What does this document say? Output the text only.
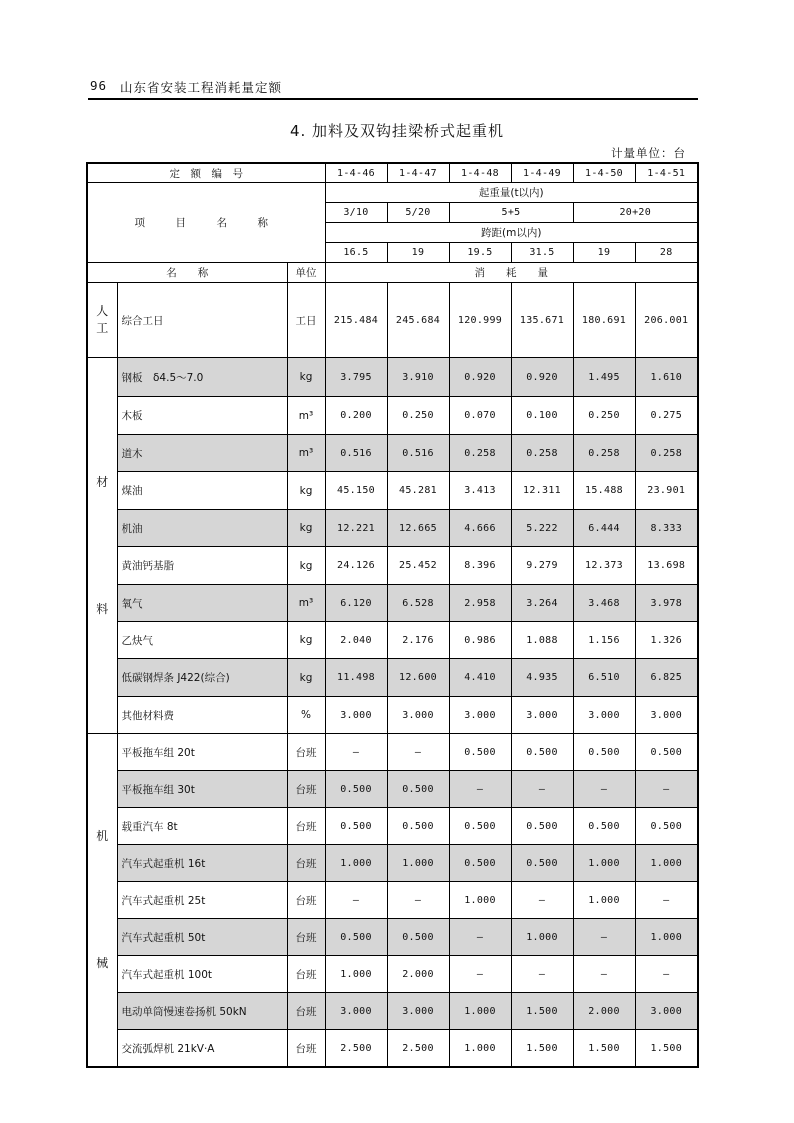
96 山东省安装工程消耗量定额
4. 加料及双钩挂梁桥式起重机
计量单位：台
定　额　编　号			1-4-46	1-4-47	1-4-48	1-4-49	1-4-50	1-4-51
项　目　名　称			起重量(t以内)					
			3/10	5/20	5+5		20+20	
			跨距(m以内)					
			16.5	19	19.5	31.5	19	28
名　　称		单位	消　　耗　　量					

人
工	综合工日	工日	215.484	245.684	120.999	135.671	180.691	206.001

材
料	钢板　δ4.5～7.0	kg	3.795	3.910	0.920	0.920	1.495	1.610
	木板	m³	0.200	0.250	0.070	0.100	0.250	0.275
	道木	m³	0.516	0.516	0.258	0.258	0.258	0.258
	煤油	kg	45.150	45.281	3.413	12.311	15.488	23.901
	机油	kg	12.221	12.665	4.666	5.222	6.444	8.333
	黄油钙基脂	kg	24.126	25.452	8.396	9.279	12.373	13.698
	氧气	m³	6.120	6.528	2.958	3.264	3.468	3.978
	乙炔气	kg	2.040	2.176	0.986	1.088	1.156	1.326
	低碳钢焊条 J422(综合)	kg	11.498	12.600	4.410	4.935	6.510	6.825
	其他材料费	%	3.000	3.000	3.000	3.000	3.000	3.000

机
械	平板拖车组 20t	台班	—	—	0.500	0.500	0.500	0.500
	平板拖车组 30t	台班	0.500	0.500	—	—	—	—
	载重汽车 8t	台班	0.500	0.500	0.500	0.500	0.500	0.500
	汽车式起重机 16t	台班	1.000	1.000	0.500	0.500	1.000	1.000
	汽车式起重机 25t	台班	—	—	1.000	—	1.000	—
	汽车式起重机 50t	台班	0.500	0.500	—	1.000	—	1.000
	汽车式起重机 100t	台班	1.000	2.000	—	—	—	—
	电动单筒慢速卷扬机 50kN	台班	3.000	3.000	1.000	1.500	2.000	3.000
	交流弧焊机 21kV·A	台班	2.500	2.500	1.000	1.500	1.500	1.500
